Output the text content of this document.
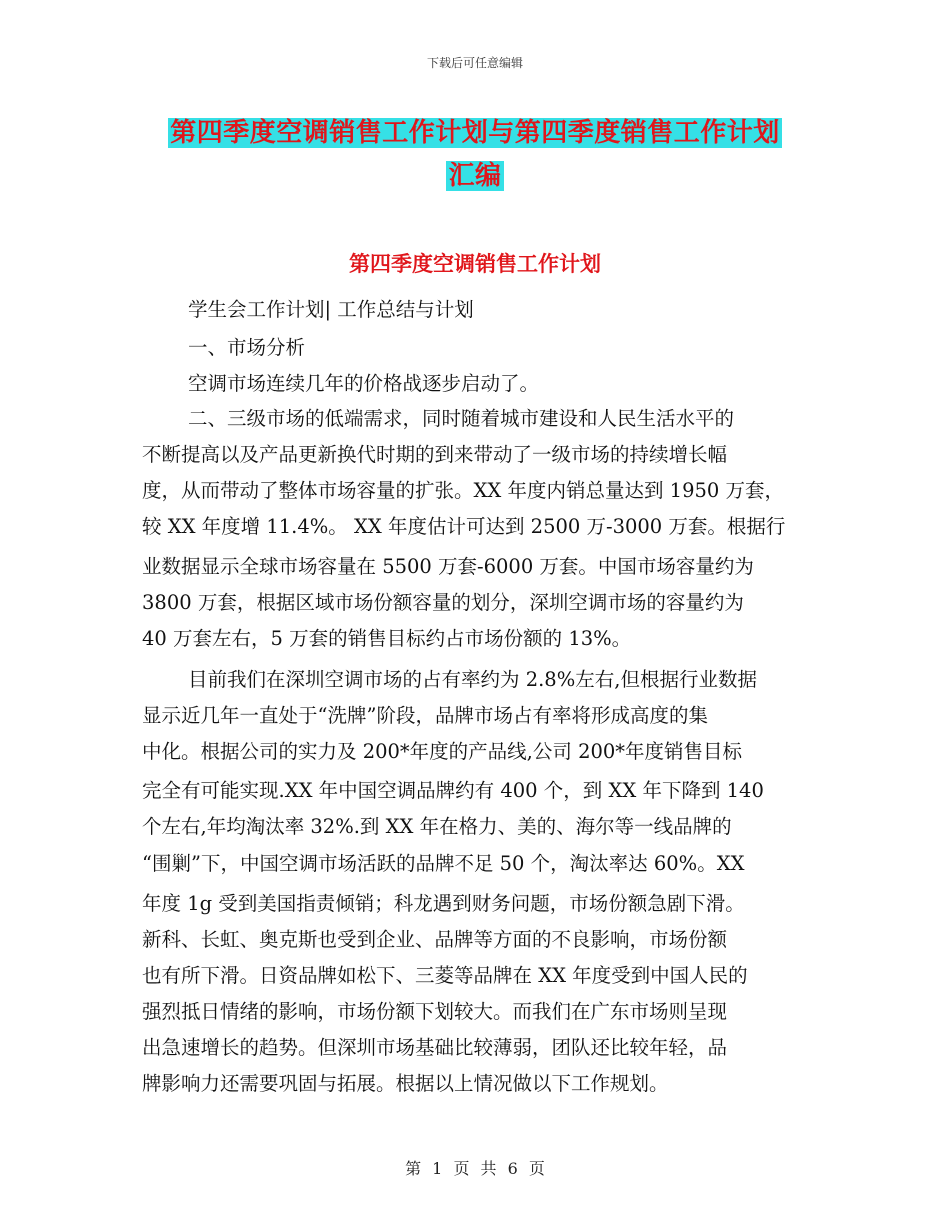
下载后可任意编辑
第四季度空调销售工作计划与第四季度销售工作计划
汇编
第四季度空调销售工作计划
学生会工作计划| 工作总结与计划
一、市场分析
空调市场连续几年的价格战逐步启动了。
二、三级市场的低端需求，同时随着城市建设和人民生活水平的
不断提高以及产品更新换代时期的到来带动了一级市场的持续增长幅
度，从而带动了整体市场容量的扩张。XX 年度内销总量达到 1950 万套，
较 XX 年度增 11.4%。 XX 年度估计可达到 2500 万-3000 万套。根据行
业数据显示全球市场容量在 5500 万套-6000 万套。中国市场容量约为
3800 万套，根据区域市场份额容量的划分，深圳空调市场的容量约为
40 万套左右，5 万套的销售目标约占市场份额的 13%。
目前我们在深圳空调市场的占有率约为 2.8%左右,但根据行业数据
显示近几年一直处于“洗牌”阶段，品牌市场占有率将形成高度的集
中化。根据公司的实力及 200*年度的产品线,公司 200*年度销售目标
完全有可能实现.XX 年中国空调品牌约有 400 个，到 XX 年下降到 140
个左右,年均淘汰率 32%.到 XX 年在格力、美的、海尔等一线品牌的
“围剿”下，中国空调市场活跃的品牌不足 50 个，淘汰率达 60%。XX
年度 1g 受到美国指责倾销；科龙遇到财务问题，市场份额急剧下滑。
新科、长虹、奥克斯也受到企业、品牌等方面的不良影响，市场份额
也有所下滑。日资品牌如松下、三菱等品牌在 XX 年度受到中国人民的
强烈抵日情绪的影响，市场份额下划较大。而我们在广东市场则呈现
出急速增长的趋势。但深圳市场基础比较薄弱，团队还比较年轻，品
牌影响力还需要巩固与拓展。根据以上情况做以下工作规划。
第 1 页 共 6 页
